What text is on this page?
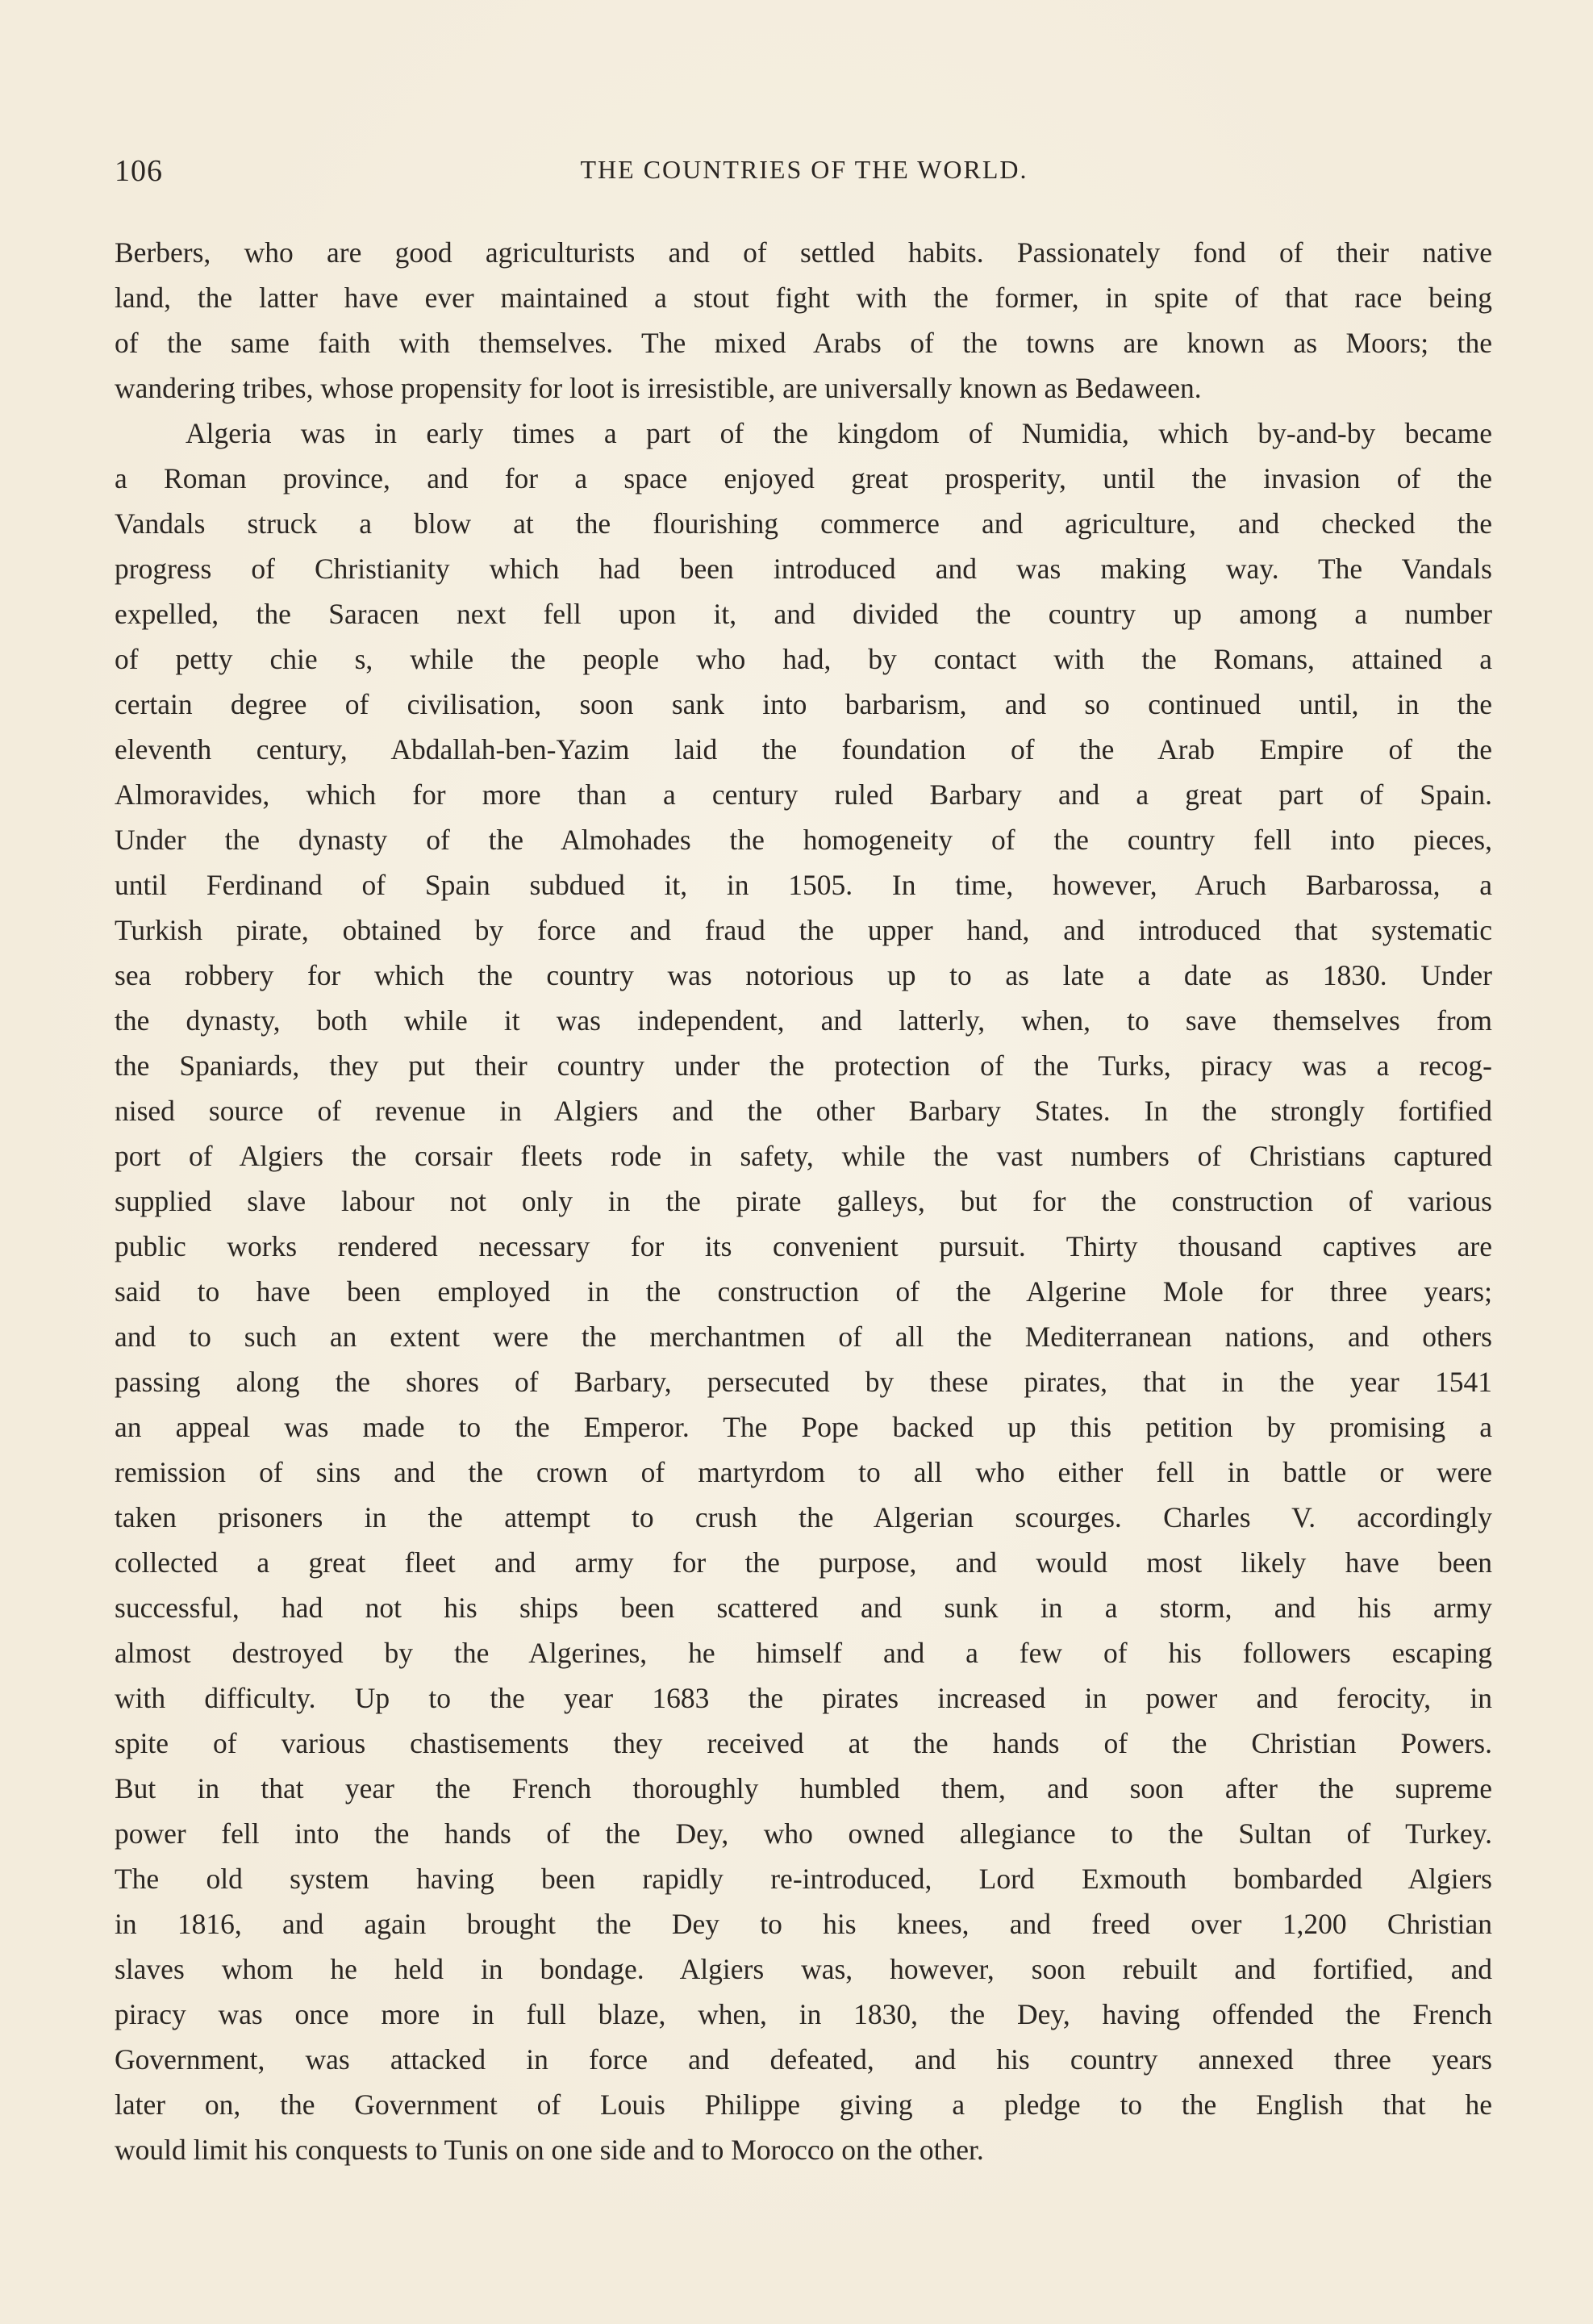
106	THE COUNTRIES OF THE WORLD.
Berbers, who are good agriculturists and of settled habits. Passionately fond of their native
land, the latter have ever maintained a stout fight with the former, in spite of that race being
of the same faith with themselves. The mixed Arabs of the towns are known as Moors; the
wandering tribes, whose propensity for loot is irresistible, are universally known as Bedaween.
Algeria was in early times a part of the kingdom of Numidia, which by-and-by became
a Roman province, and for a space enjoyed great prosperity, until the invasion of the
Vandals struck a blow at the flourishing commerce and agriculture, and checked the
progress of Christianity which had been introduced and was making way. The Vandals
expelled, the Saracen next fell upon it, and divided the country up among a number
of petty chie s, while the people who had, by contact with the Romans, attained a
certain degree of civilisation, soon sank into barbarism, and so continued until, in the
eleventh century, Abdallah-ben-Yazim laid the foundation of the Arab Empire of the
Almoravides, which for more than a century ruled Barbary and a great part of Spain.
Under the dynasty of the Almohades the homogeneity of the country fell into pieces,
until Ferdinand of Spain subdued it, in 1505. In time, however, Aruch Barbarossa, a
Turkish pirate, obtained by force and fraud the upper hand, and introduced that systematic
sea robbery for which the country was notorious up to as late a date as 1830. Under
the dynasty, both while it was independent, and latterly, when, to save themselves from
the Spaniards, they put their country under the protection of the Turks, piracy was a recog-
nised source of revenue in Algiers and the other Barbary States. In the strongly fortified
port of Algiers the corsair fleets rode in safety, while the vast numbers of Christians captured
supplied slave labour not only in the pirate galleys, but for the construction of various
public works rendered necessary for its convenient pursuit. Thirty thousand captives are
said to have been employed in the construction of the Algerine Mole for three years;
and to such an extent were the merchantmen of all the Mediterranean nations, and others
passing along the shores of Barbary, persecuted by these pirates, that in the year 1541
an appeal was made to the Emperor. The Pope backed up this petition by promising a
remission of sins and the crown of martyrdom to all who either fell in battle or were
taken prisoners in the attempt to crush the Algerian scourges. Charles V. accordingly
collected a great fleet and army for the purpose, and would most likely have been
successful, had not his ships been scattered and sunk in a storm, and his army
almost destroyed by the Algerines, he himself and a few of his followers escaping
with difficulty. Up to the year 1683 the pirates increased in power and ferocity, in
spite of various chastisements they received at the hands of the Christian Powers.
But in that year the French thoroughly humbled them, and soon after the supreme
power fell into the hands of the Dey, who owned allegiance to the Sultan of Turkey.
The old system having been rapidly re-introduced, Lord Exmouth bombarded Algiers
in 1816, and again brought the Dey to his knees, and freed over 1,200 Christian
slaves whom he held in bondage. Algiers was, however, soon rebuilt and fortified, and
piracy was once more in full blaze, when, in 1830, the Dey, having offended the French
Government, was attacked in force and defeated, and his country annexed three years
later on, the Government of Louis Philippe giving a pledge to the English that he
would limit his conquests to Tunis on one side and to Morocco on the other.
